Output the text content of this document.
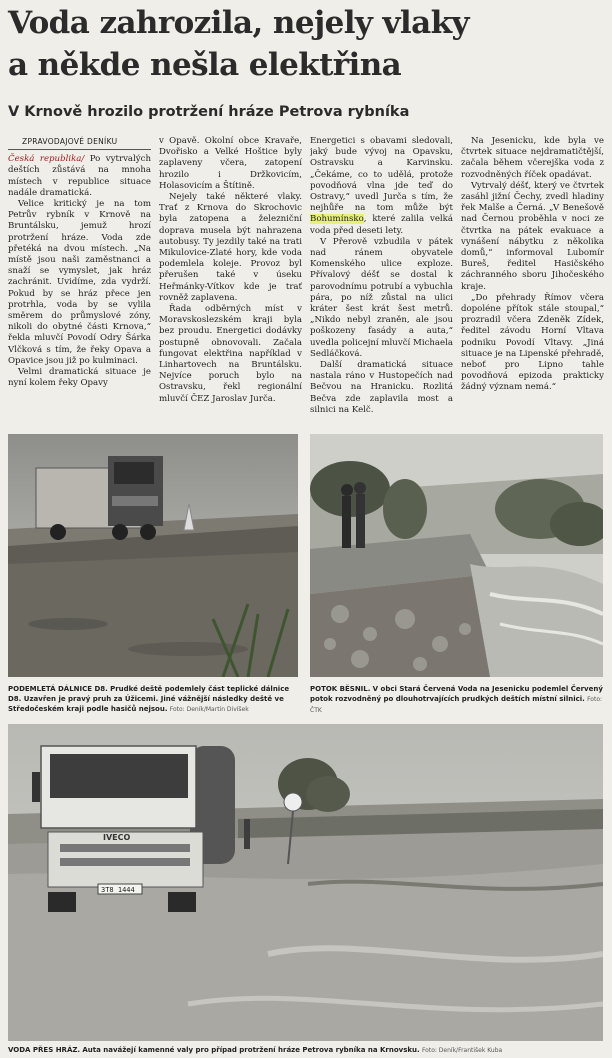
Voda zahrozila, nejely vlaky
a někde nešla elektřina
V Krnově hrozilo protržení hráze Petrova rybníka
ZPRAVODAJOVÉ DENÍKU

Česká republika/ Po vytrvalých deštích zůstává na mnoha místech v republice situace nadále dramatická.

Velice kritický je na tom Petrův rybník v Krnově na Bruntálsku, jemuž hrozí protržení hráze. Voda zde přetéká na dvou místech. „Na místě jsou naši zaměstnanci a snaží se vymyslet, jak hráz zachránit. Uvidíme, zda vydrží. Pokud by se hráz přece jen protrhla, voda by se vylila směrem do průmyslové zóny, nikoli do obytné části Krnova,“ řekla mluvčí Povodí Odry Šárka Vlčková s tím, že řeky Opava a Opavice jsou již po kulminaci.

Velmi dramatická situace je nyní kolem řeky Opavy

v Opavě. Okolní obce Kravaře, Dvořisko a Velké Hoštice byly zaplaveny včera, zatopení hrozilo i Držkovicím, Holasovicím a Štítině.

Nejely také některé vlaky. Trať z Krnova do Skrochovic byla zatopena a železniční doprava musela být nahrazena autobusy. Ty jezdily také na trati Mikulovice-Zlaté hory, kde voda podemlela koleje. Provoz byl přerušen také v úseku Heřmánky-Vítkov kde je trať rovněž zaplavena.

Řada odběrných míst v Moravskoslezském kraji byla bez proudu. Energetici dodávky postupně obnovovali. Začala fungovat elektřina například v Linhartovech na Bruntálsku. Nejvíce poruch bylo na Ostravsku, řekl regionální mluvčí ČEZ Jaroslav Jurča.

Energetici s obavami sledovali, jaký bude vývoj na Opavsku, Ostravsku a Karvinsku. „Čekáme, co to udělá, protože povodňová vlna jde teď do Ostravy,“ uvedl Jurča s tím, že nejhůře na tom může být Bohumínsko, které zalila velká voda před deseti lety.

V Přerově vzbudila v pátek nad ránem obyvatele Komenského ulice exploze. Přívalový déšť se dostal k parovodnímu potrubí a vybuchla pára, po níž zůstal na ulici kráter šest krát šest metrů. „Nikdo nebyl zraněn, ale jsou poškozeny fasády a auta,“ uvedla policejní mluvčí Michaela Sedláčková.

Další dramatická situace nastala ráno v Hustopečích nad Bečvou na Hranicku. Rozlitá Bečva zde zaplavila most a silnici na Kelč.

Na Jesenicku, kde byla ve čtvrtek situace nejdramatičtější, začala během včerejška voda z rozvodněných říček opadávat.

Vytrvalý déšť, který ve čtvrtek zasáhl jižní Čechy, zvedl hladiny řek Malše a Černá. „V Benešově nad Černou proběhla v noci ze čtvrtka na pátek evakuace a vynášení nábytku z několika domů,“ informoval Lubomír Bureš, ředitel Hasičského záchranného sboru Jihočeského kraje.

„Do přehrady Římov včera dopoléne přítok stále stoupal,“ prozradil včera Zdeněk Zídek, ředitel závodu Horní Vltava podniku Povodí Vltavy. „Jiná situace je na Lipenské přehradě, neboť pro Lipno tahle povodňová epizoda prakticky žádný význam nemá.“

PODEMLETÁ DÁLNICE D8. Prudké deště podemlely část teplické dálnice D8. Uzavřen je pravý pruh za Úžicemi. Jiné vážnější následky deště ve Středočeském kraji podle hasičů nejsou. Foto: Deník/Martin Divíšek
POTOK BĚSNIL. V obci Stará Červená Voda na Jesenicku podemlel Červený potok rozvodněný po dlouhotrvajících prudkých deštích místní silnici. Foto: ČTK
IVECO
3T8 1444
VODA PŘES HRÁZ. Auta navážejí kamenné valy pro případ protržení hráze Petrova rybníka na Krnovsku. Foto: Deník/František Kuba
